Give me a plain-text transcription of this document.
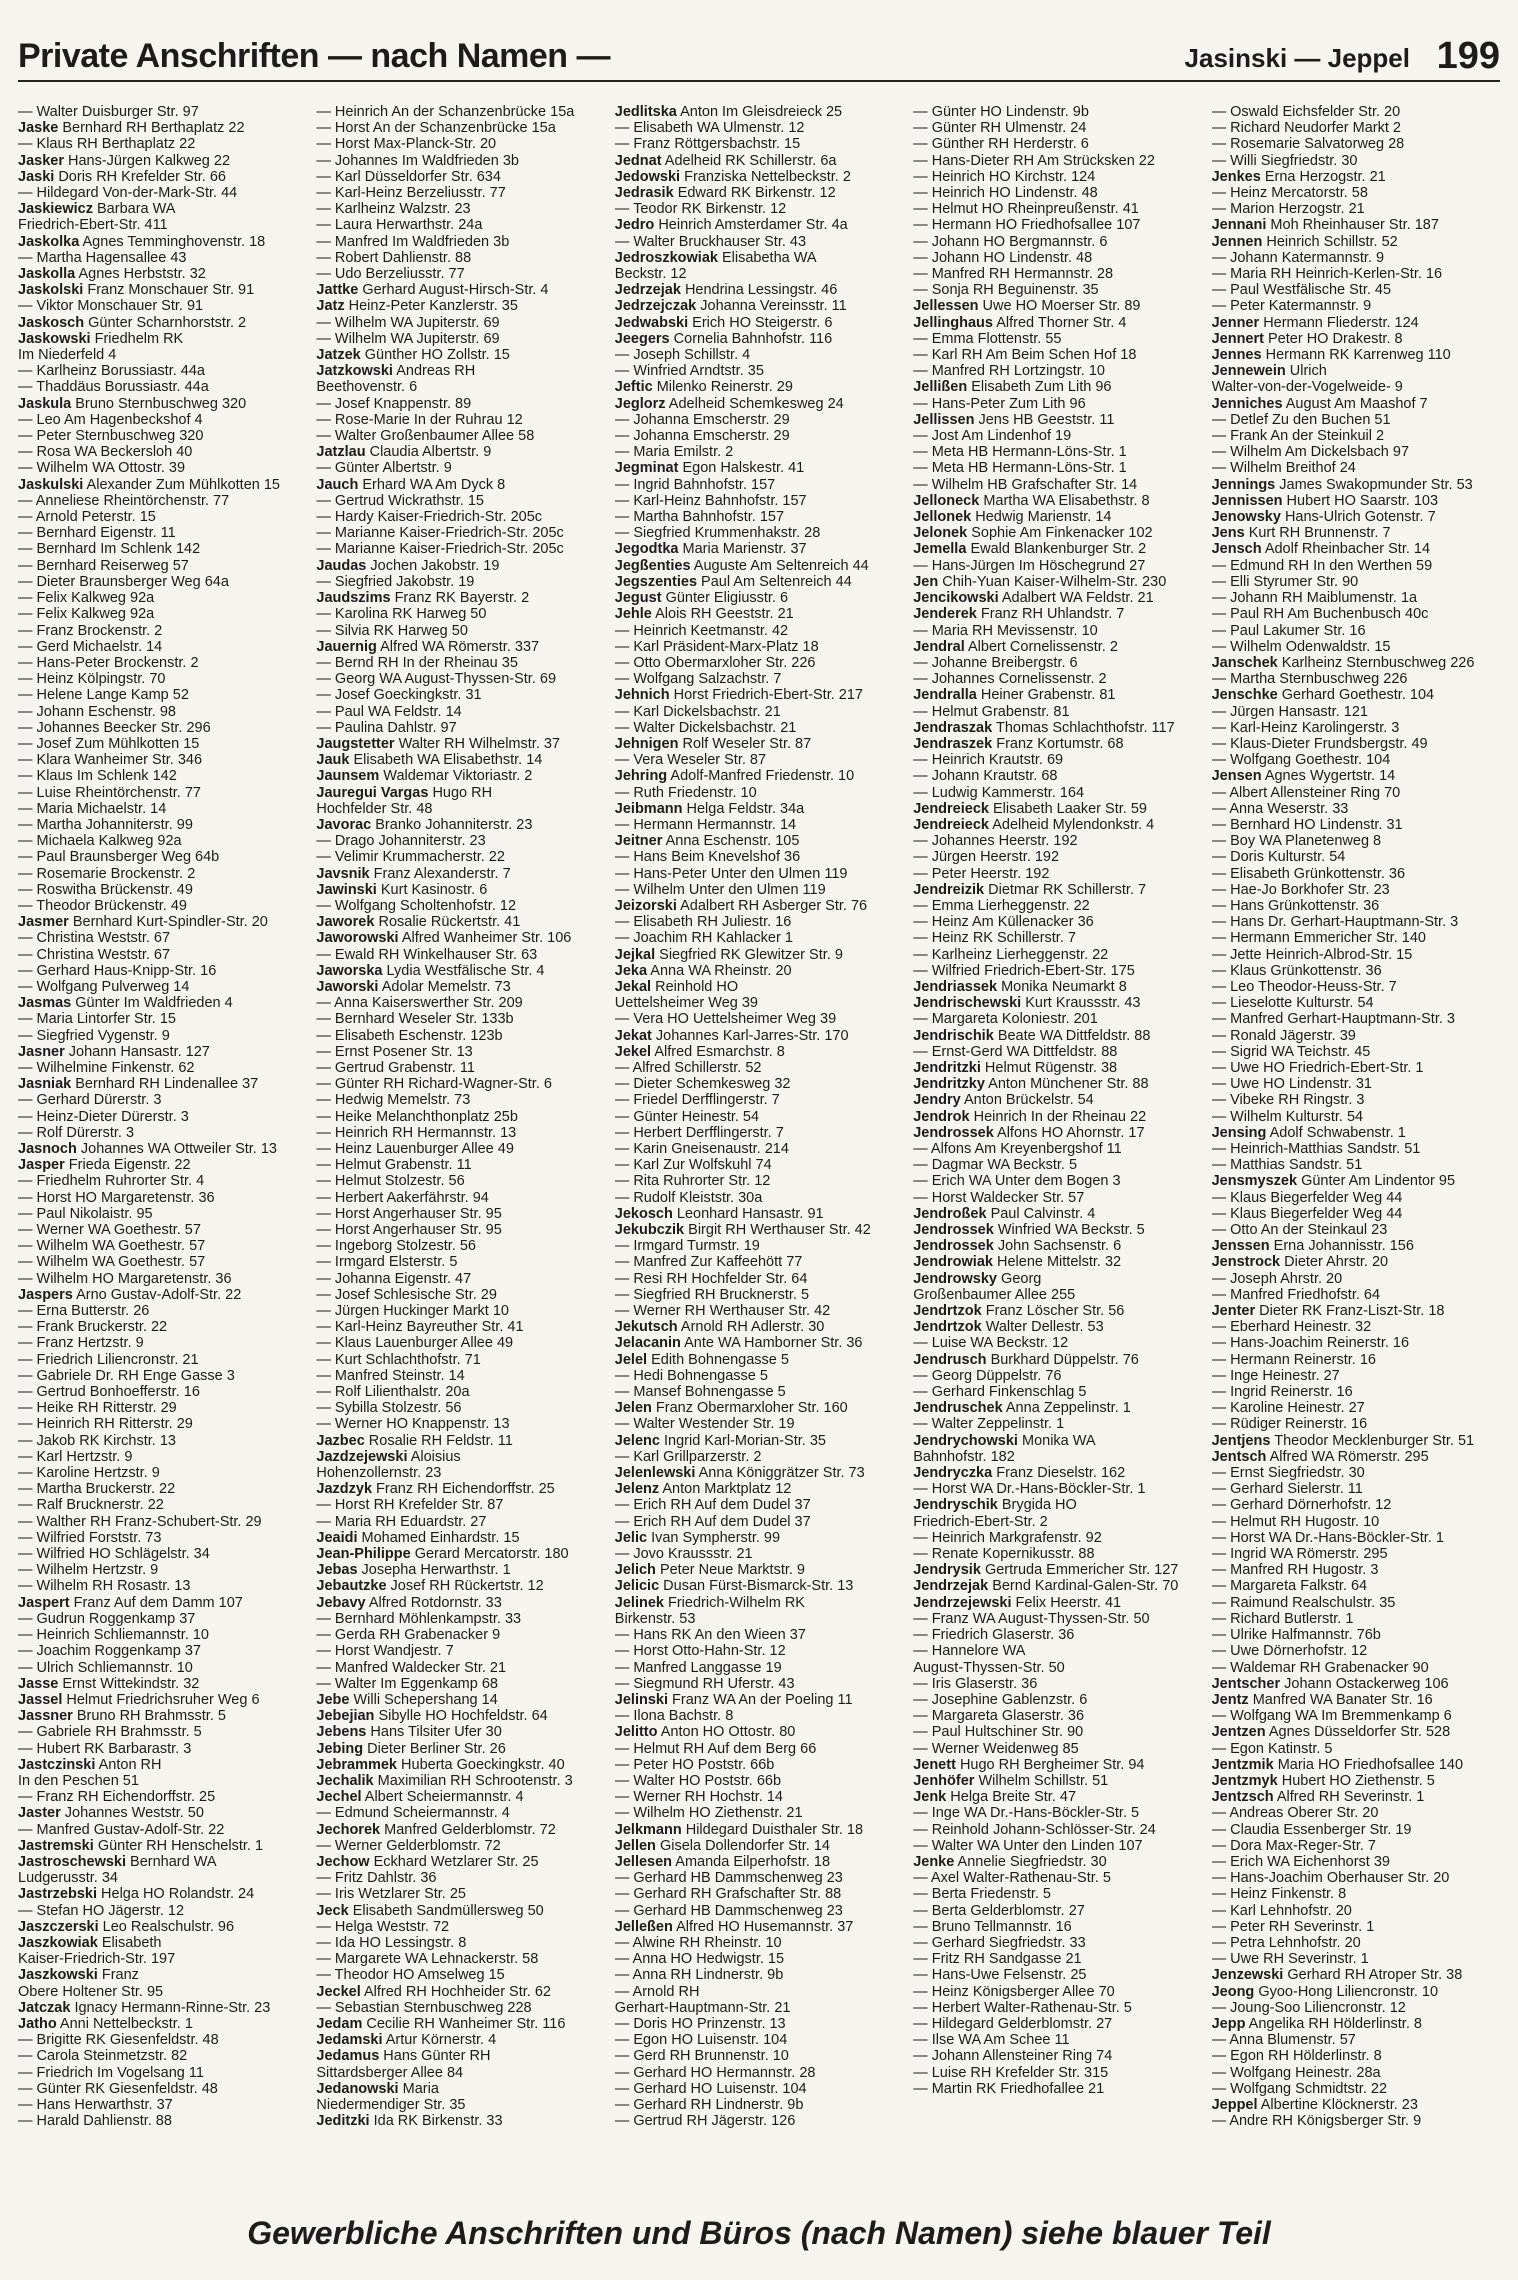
Private Anschriften — nach Namen —	Jasinski — Jeppel 199
— Walter Duisburger Str. 97
Jaske Bernhard RH Berthaplatz 22
— Klaus RH Berthaplatz 22
Jasker Hans-Jürgen Kalkweg 22
Jaski Doris RH Krefelder Str. 66
— Hildegard Von-der-Mark-Str. 44
Jaskiewicz Barbara WA
Friedrich-Ebert-Str. 411
Jaskolka Agnes Temminghovenstr. 18
— Martha Hagensallee 43
Jaskolla Agnes Herbststr. 32
Jaskolski Franz Monschauer Str. 91
— Viktor Monschauer Str. 91
Jaskosch Günter Scharnhorststr. 2
Jaskowski Friedhelm RK
Im Niederfeld 4
— Karlheinz Borussiastr. 44a
— Thaddäus Borussiastr. 44a
Jaskula Bruno Sternbuschweg 320
— Leo Am Hagenbeckshof 4
— Peter Sternbuschweg 320
— Rosa WA Beckersloh 40
— Wilhelm WA Ottostr. 39
Jaskulski Alexander Zum Mühlkotten 15
— Anneliese Rheintörchenstr. 77
— Arnold Peterstr. 15
— Bernhard Eigenstr. 11
— Bernhard Im Schlenk 142
— Bernhard Reiserweg 57
— Dieter Braunsberger Weg 64a
— Felix Kalkweg 92a
— Felix Kalkweg 92a
— Franz Brockenstr. 2
— Gerd Michaelstr. 14
— Hans-Peter Brockenstr. 2
— Heinz Kölpingstr. 70
— Helene Lange Kamp 52
— Johann Eschenstr. 98
— Johannes Beecker Str. 296
— Josef Zum Mühlkotten 15
— Klara Wanheimer Str. 346
— Klaus Im Schlenk 142
— Luise Rheintörchenstr. 77
— Maria Michaelstr. 14
— Martha Johanniterstr. 99
— Michaela Kalkweg 92a
— Paul Braunsberger Weg 64b
— Rosemarie Brockenstr. 2
— Roswitha Brückenstr. 49
— Theodor Brückenstr. 49
Jasmer Bernhard Kurt-Spindler-Str. 20
— Christina Weststr. 67
— Christina Weststr. 67
— Gerhard Haus-Knipp-Str. 16
— Wolfgang Pulverweg 14
Jasmas Günter Im Waldfrieden 4
— Maria Lintorfer Str. 15
— Siegfried Vygenstr. 9
Jasner Johann Hansastr. 127
— Wilhelmine Finkenstr. 62
Jasniak Bernhard RH Lindenallee 37
— Gerhard Dürerstr. 3
— Heinz-Dieter Dürerstr. 3
— Rolf Dürerstr. 3
Jasnoch Johannes WA Ottweiler Str. 13
Jasper Frieda Eigenstr. 22
— Friedhelm Ruhrorter Str. 4
— Horst HO Margaretenstr. 36
— Paul Nikolaistr. 95
— Werner WA Goethestr. 57
— Wilhelm WA Goethestr. 57
— Wilhelm WA Goethestr. 57
— Wilhelm HO Margaretenstr. 36
Jaspers Arno Gustav-Adolf-Str. 22
— Erna Butterstr. 26
— Frank Bruckerstr. 22
— Franz Hertzstr. 9
— Friedrich Liliencronstr. 21
— Gabriele Dr. RH Enge Gasse 3
— Gertrud Bonhoefferstr. 16
— Heike RH Ritterstr. 29
— Heinrich RH Ritterstr. 29
— Jakob RK Kirchstr. 13
— Karl Hertzstr. 9
— Karoline Hertzstr. 9
— Martha Bruckerstr. 22
— Ralf Brucknerstr. 22
— Walther RH Franz-Schubert-Str. 29
— Wilfried Forststr. 73
— Wilfried HO Schlägelstr. 34
— Wilhelm Hertzstr. 9
— Wilhelm RH Rosastr. 13
Jaspert Franz Auf dem Damm 107
— Gudrun Roggenkamp 37
— Heinrich Schliemannstr. 10
— Joachim Roggenkamp 37
— Ulrich Schliemannstr. 10
Jasse Ernst Wittekindstr. 32
Jassel Helmut Friedrichsruher Weg 6
Jassner Bruno RH Brahmsstr. 5
— Gabriele RH Brahmsstr. 5
— Hubert RK Barbarastr. 3
Jastczinski Anton RH
In den Peschen 51
— Franz RH Eichendorffstr. 25
Jaster Johannes Weststr. 50
— Manfred Gustav-Adolf-Str. 22
Jastremski Günter RH Henschelstr. 1
Jastroschewski Bernhard WA
Ludgerusstr. 34
Jastrzebski Helga HO Rolandstr. 24
— Stefan HO Jägerstr. 12
Jaszczerski Leo Realschulstr. 96
Jaszkowiak Elisabeth
Kaiser-Friedrich-Str. 197
Jaszkowski Franz
Obere Holtener Str. 95
Jatczak Ignacy Hermann-Rinne-Str. 23
Jatho Anni Nettelbeckstr. 1
— Brigitte RK Giesenfeldstr. 48
— Carola Steinmetzstr. 82
— Friedrich Im Vogelsang 11
— Günter RK Giesenfeldstr. 48
— Hans Herwarthstr. 37
— Harald Dahlienstr. 88
— Heinrich An der Schanzenbrücke 15a
— Horst An der Schanzenbrücke 15a
— Horst Max-Planck-Str. 20
— Johannes Im Waldfrieden 3b
— Karl Düsseldorfer Str. 634
— Karl-Heinz Berzeliusstr. 77
— Karlheinz Walzstr. 23
— Laura Herwarthstr. 24a
— Manfred Im Waldfrieden 3b
— Robert Dahlienstr. 88
— Udo Berzeliusstr. 77
Jattke Gerhard August-Hirsch-Str. 4
Jatz Heinz-Peter Kanzlerstr. 35
— Wilhelm WA Jupiterstr. 69
— Wilhelm WA Jupiterstr. 69
Jatzek Günther HO Zollstr. 15
Jatzkowski Andreas RH
Beethovenstr. 6
— Josef Knappenstr. 89
— Rose-Marie In der Ruhrau 12
— Walter Großenbaumer Allee 58
Jatzlau Claudia Albertstr. 9
— Günter Albertstr. 9
Jauch Erhard WA Am Dyck 8
— Gertrud Wickrathstr. 15
— Hardy Kaiser-Friedrich-Str. 205c
— Marianne Kaiser-Friedrich-Str. 205c
— Marianne Kaiser-Friedrich-Str. 205c
Jaudas Jochen Jakobstr. 19
— Siegfried Jakobstr. 19
Jaudszims Franz RK Bayerstr. 2
— Karolina RK Harweg 50
— Silvia RK Harweg 50
Jauernig Alfred WA Römerstr. 337
— Bernd RH In der Rheinau 35
— Georg WA August-Thyssen-Str. 69
— Josef Goeckingkstr. 31
— Paul WA Feldstr. 14
— Paulina Dahlstr. 97
Jaugstetter Walter RH Wilhelmstr. 37
Jauk Elisabeth WA Elisabethstr. 14
Jaunsem Waldemar Viktoriastr. 2
Jauregui Vargas Hugo RH
Hochfelder Str. 48
Javorac Branko Johanniterstr. 23
— Drago Johanniterstr. 23
— Velimir Krummacherstr. 22
Javsnik Franz Alexanderstr. 7
Jawinski Kurt Kasinostr. 6
— Wolfgang Scholtenhofstr. 12
Jaworek Rosalie Rückertstr. 41
Jaworowski Alfred Wanheimer Str. 106
— Ewald RH Winkelhauser Str. 63
Jaworska Lydia Westfälische Str. 4
Jaworski Adolar Memelstr. 73
— Anna Kaiserswerther Str. 209
— Bernhard Weseler Str. 133b
— Elisabeth Eschenstr. 123b
— Ernst Posener Str. 13
— Gertrud Grabenstr. 11
— Günter RH Richard-Wagner-Str. 6
— Hedwig Memelstr. 73
— Heike Melanchthonplatz 25b
— Heinrich RH Hermannstr. 13
— Heinz Lauenburger Allee 49
— Helmut Grabenstr. 11
— Helmut Stolzestr. 56
— Herbert Aakerfährstr. 94
— Horst Angerhauser Str. 95
— Horst Angerhauser Str. 95
— Ingeborg Stolzestr. 56
— Irmgard Elsterstr. 5
— Johanna Eigenstr. 47
— Josef Schlesische Str. 29
— Jürgen Huckinger Markt 10
— Karl-Heinz Bayreuther Str. 41
— Klaus Lauenburger Allee 49
— Kurt Schlachthofstr. 71
— Manfred Steinstr. 14
— Rolf Lilienthalstr. 20a
— Sybilla Stolzestr. 56
— Werner HO Knappenstr. 13
Jazbec Rosalie RH Feldstr. 11
Jazdzejewski Aloisius
Hohenzollernstr. 23
Jazdzyk Franz RH Eichendorffstr. 25
— Horst RH Krefelder Str. 87
— Maria RH Eduardstr. 27
Jeaidi Mohamed Einhardstr. 15
Jean-Philippe Gerard Mercatorstr. 180
Jebas Josepha Herwarthstr. 1
Jebautzke Josef RH Rückertstr. 12
Jebavy Alfred Rotdornstr. 33
— Bernhard Möhlenkampstr. 33
— Gerda RH Grabenacker 9
— Horst Wandjestr. 7
— Manfred Waldecker Str. 21
— Walter Im Eggenkamp 68
Jebe Willi Schepershang 14
Jebejian Sibylle HO Hochfeldstr. 64
Jebens Hans Tilsiter Ufer 30
Jebing Dieter Berliner Str. 26
Jebrammek Huberta Goeckingkstr. 40
Jechalik Maximilian RH Schrootenstr. 3
Jechel Albert Scheiermannstr. 4
— Edmund Scheiermannstr. 4
Jechorek Manfred Gelderblomstr. 72
— Werner Gelderblomstr. 72
Jechow Eckhard Wetzlarer Str. 25
— Fritz Dahlstr. 36
— Iris Wetzlarer Str. 25
Jeck Elisabeth Sandmüllersweg 50
— Helga Weststr. 72
— Ida HO Lessingstr. 8
— Margarete WA Lehnackerstr. 58
— Theodor HO Amselweg 15
Jeckel Alfred RH Hochheider Str. 62
— Sebastian Sternbuschweg 228
Jedam Cecilie RH Wanheimer Str. 116
Jedamski Artur Körnerstr. 4
Jedamus Hans Günter RH
Sittardsberger Allee 84
Jedanowski Maria
Niedermendiger Str. 35
Jeditzki Ida RK Birkenstr. 33
Jedlitska Anton Im Gleisdreieck 25
— Elisabeth WA Ulmenstr. 12
— Franz Röttgersbachstr. 15
Jednat Adelheid RK Schillerstr. 6a
Jedowski Franziska Nettelbeckstr. 2
Jedrasik Edward RK Birkenstr. 12
— Teodor RK Birkenstr. 12
Jedro Heinrich Amsterdamer Str. 4a
— Walter Bruckhauser Str. 43
Jedroszkowiak Elisabetha WA
Beckstr. 12
Jedrzejak Hendrina Lessingstr. 46
Jedrzejczak Johanna Vereinsstr. 11
Jedwabski Erich HO Steigerstr. 6
Jeegers Cornelia Bahnhofstr. 116
— Joseph Schillstr. 4
— Winfried Arndtstr. 35
Jeftic Milenko Reinerstr. 29
Jeglorz Adelheid Schemkesweg 24
— Johanna Emscherstr. 29
— Johanna Emscherstr. 29
— Maria Emilstr. 2
Jegminat Egon Halskestr. 41
— Ingrid Bahnhofstr. 157
— Karl-Heinz Bahnhofstr. 157
— Martha Bahnhofstr. 157
— Siegfried Krummenhakstr. 28
Jegodtka Maria Marienstr. 37
Jegßenties Auguste Am Seltenreich 44
Jegszenties Paul Am Seltenreich 44
Jegust Günter Eligiusstr. 6
Jehle Alois RH Geeststr. 21
— Heinrich Keetmanstr. 42
— Karl Präsident-Marx-Platz 18
— Otto Obermarxloher Str. 226
— Wolfgang Salzachstr. 7
Jehnich Horst Friedrich-Ebert-Str. 217
— Karl Dickelsbachstr. 21
— Walter Dickelsbachstr. 21
Jehnigen Rolf Weseler Str. 87
— Vera Weseler Str. 87
Jehring Adolf-Manfred Friedenstr. 10
— Ruth Friedenstr. 10
Jeibmann Helga Feldstr. 34a
— Hermann Hermannstr. 14
Jeitner Anna Eschenstr. 105
— Hans Beim Knevelshof 36
— Hans-Peter Unter den Ulmen 119
— Wilhelm Unter den Ulmen 119
Jeizorski Adalbert RH Asberger Str. 76
— Elisabeth RH Juliestr. 16
— Joachim RH Kahlacker 1
Jejkal Siegfried RK Glewitzer Str. 9
Jeka Anna WA Rheinstr. 20
Jekal Reinhold HO
Uettelsheimer Weg 39
— Vera HO Uettelsheimer Weg 39
Jekat Johannes Karl-Jarres-Str. 170
Jekel Alfred Esmarchstr. 8
— Alfred Schillerstr. 52
— Dieter Schemkesweg 32
— Friedel Derfflingerstr. 7
— Günter Heinestr. 54
— Herbert Derfflingerstr. 7
— Karin Gneisenaustr. 214
— Karl Zur Wolfskuhl 74
— Rita Ruhrorter Str. 12
— Rudolf Kleiststr. 30a
Jekosch Leonhard Hansastr. 91
Jekubczik Birgit RH Werthauser Str. 42
— Irmgard Turmstr. 19
— Manfred Zur Kaffeehött 77
— Resi RH Hochfelder Str. 64
— Siegfried RH Brucknerstr. 5
— Werner RH Werthauser Str. 42
Jekutsch Arnold RH Adlerstr. 30
Jelacanin Ante WA Hamborner Str. 36
Jelel Edith Bohnengasse 5
— Hedi Bohnengasse 5
— Mansef Bohnengasse 5
Jelen Franz Obermarxloher Str. 160
— Walter Westender Str. 19
Jelenc Ingrid Karl-Morian-Str. 35
— Karl Grillparzerstr. 2
Jelenlewski Anna Königgrätzer Str. 73
Jelenz Anton Marktplatz 12
— Erich RH Auf dem Dudel 37
— Erich RH Auf dem Dudel 37
Jelic Ivan Sympherstr. 99
— Jovo Kraussstr. 21
Jelich Peter Neue Marktstr. 9
Jelicic Dusan Fürst-Bismarck-Str. 13
Jelinek Friedrich-Wilhelm RK
Birkenstr. 53
— Hans RK An den Wieen 37
— Horst Otto-Hahn-Str. 12
— Manfred Langgasse 19
— Siegmund RH Uferstr. 43
Jelinski Franz WA An der Poeling 11
— Ilona Bachstr. 8
Jelitto Anton HO Ottostr. 80
— Helmut RH Auf dem Berg 66
— Peter HO Poststr. 66b
— Walter HO Poststr. 66b
— Werner RH Hochstr. 14
— Wilhelm HO Ziethenstr. 21
Jelkmann Hildegard Duisthaler Str. 18
Jellen Gisela Dollendorfer Str. 14
Jellesen Amanda Eilperhofstr. 18
— Gerhard HB Dammschenweg 23
— Gerhard RH Grafschafter Str. 88
— Gerhard HB Dammschenweg 23
Jelleßen Alfred HO Husemannstr. 37
— Alwine RH Rheinstr. 10
— Anna HO Hedwigstr. 15
— Anna RH Lindnerstr. 9b
— Arnold RH
Gerhart-Hauptmann-Str. 21
— Doris HO Prinzenstr. 13
— Egon HO Luisenstr. 104
— Gerd RH Brunnenstr. 10
— Gerhard HO Hermannstr. 28
— Gerhard HO Luisenstr. 104
— Gerhard RH Lindnerstr. 9b
— Gertrud RH Jägerstr. 126
— Günter HO Lindenstr. 9b
— Günter RH Ulmenstr. 24
— Günther RH Herderstr. 6
— Hans-Dieter RH Am Strücksken 22
— Heinrich HO Kirchstr. 124
— Heinrich HO Lindenstr. 48
— Helmut HO Rheinpreußenstr. 41
— Hermann HO Friedhofsallee 107
— Johann HO Bergmannstr. 6
— Johann HO Lindenstr. 48
— Manfred RH Hermannstr. 28
— Sonja RH Beguinenstr. 35
Jellessen Uwe HO Moerser Str. 89
Jellinghaus Alfred Thorner Str. 4
— Emma Flottenstr. 55
— Karl RH Am Beim Schen Hof 18
— Manfred RH Lortzingstr. 10
Jellißen Elisabeth Zum Lith 96
— Hans-Peter Zum Lith 96
Jellissen Jens HB Geeststr. 11
— Jost Am Lindenhof 19
— Meta HB Hermann-Löns-Str. 1
— Meta HB Hermann-Löns-Str. 1
— Wilhelm HB Grafschafter Str. 14
Jelloneck Martha WA Elisabethstr. 8
Jellonek Hedwig Marienstr. 14
Jelonek Sophie Am Finkenacker 102
Jemella Ewald Blankenburger Str. 2
— Hans-Jürgen Im Höschegrund 27
Jen Chih-Yuan Kaiser-Wilhelm-Str. 230
Jencikowski Adalbert WA Feldstr. 21
Jenderek Franz RH Uhlandstr. 7
— Maria RH Mevissenstr. 10
Jendral Albert Cornelissenstr. 2
— Johanne Breibergstr. 6
— Johannes Cornelissenstr. 2
Jendralla Heiner Grabenstr. 81
— Helmut Grabenstr. 81
Jendraszak Thomas Schlachthofstr. 117
Jendraszek Franz Kortumstr. 68
— Heinrich Krautstr. 69
— Johann Krautstr. 68
— Ludwig Kammerstr. 164
Jendreieck Elisabeth Laaker Str. 59
Jendreieck Adelheid Mylendonkstr. 4
— Johannes Heerstr. 192
— Jürgen Heerstr. 192
— Peter Heerstr. 192
Jendreizik Dietmar RK Schillerstr. 7
— Emma Lierheggenstr. 22
— Heinz Am Küllenacker 36
— Heinz RK Schillerstr. 7
— Karlheinz Lierheggenstr. 22
— Wilfried Friedrich-Ebert-Str. 175
Jendriassek Monika Neumarkt 8
Jendrischewski Kurt Kraussstr. 43
— Margareta Koloniestr. 201
Jendrischik Beate WA Dittfeldstr. 88
— Ernst-Gerd WA Dittfeldstr. 88
Jendritzki Helmut Rügenstr. 38
Jendritzky Anton Münchener Str. 88
Jendry Anton Brückelstr. 54
Jendrok Heinrich In der Rheinau 22
Jendrossek Alfons HO Ahornstr. 17
— Alfons Am Kreyenbergshof 11
— Dagmar WA Beckstr. 5
— Erich WA Unter dem Bogen 3
— Horst Waldecker Str. 57
Jendroßek Paul Calvinstr. 4
Jendrossek Winfried WA Beckstr. 5
Jendrossek John Sachsenstr. 6
Jendrowiak Helene Mittelstr. 32
Jendrowsky Georg
Großenbaumer Allee 255
Jendrtzok Franz Löscher Str. 56
Jendrtzok Walter Dellestr. 53
— Luise WA Beckstr. 12
Jendrusch Burkhard Düppelstr. 76
— Georg Düppelstr. 76
— Gerhard Finkenschlag 5
Jendruschek Anna Zeppelinstr. 1
— Walter Zeppelinstr. 1
Jendrychowski Monika WA
Bahnhofstr. 182
Jendryczka Franz Dieselstr. 162
— Horst WA Dr.-Hans-Böckler-Str. 1
Jendryschik Brygida HO
Friedrich-Ebert-Str. 2
— Heinrich Markgrafenstr. 92
— Renate Kopernikusstr. 88
Jendrysik Gertruda Emmericher Str. 127
Jendrzejak Bernd Kardinal-Galen-Str. 70
Jendrzejewski Felix Heerstr. 41
— Franz WA August-Thyssen-Str. 50
— Friedrich Glaserstr. 36
— Hannelore WA
August-Thyssen-Str. 50
— Iris Glaserstr. 36
— Josephine Gablenzstr. 6
— Margareta Glaserstr. 36
— Paul Hultschiner Str. 90
— Werner Weidenweg 85
Jenett Hugo RH Bergheimer Str. 94
Jenhöfer Wilhelm Schillstr. 51
Jenk Helga Breite Str. 47
— Inge WA Dr.-Hans-Böckler-Str. 5
— Reinhold Johann-Schlösser-Str. 24
— Walter WA Unter den Linden 107
Jenke Annelie Siegfriedstr. 30
— Axel Walter-Rathenau-Str. 5
— Berta Friedenstr. 5
— Berta Gelderblomstr. 27
— Bruno Tellmannstr. 16
— Gerhard Siegfriedstr. 33
— Fritz RH Sandgasse 21
— Hans-Uwe Felsenstr. 25
— Heinz Königsberger Allee 70
— Herbert Walter-Rathenau-Str. 5
— Hildegard Gelderblomstr. 27
— Ilse WA Am Schee 11
— Johann Allensteiner Ring 74
— Luise RH Krefelder Str. 315
— Martin RK Friedhofallee 21
— Oswald Eichsfelder Str. 20
— Richard Neudorfer Markt 2
— Rosemarie Salvatorweg 28
— Willi Siegfriedstr. 30
Jenkes Erna Herzogstr. 21
— Heinz Mercatorstr. 58
— Marion Herzogstr. 21
Jennani Moh Rheinhauser Str. 187
Jennen Heinrich Schillstr. 52
— Johann Katermannstr. 9
— Maria RH Heinrich-Kerlen-Str. 16
— Paul Westfälische Str. 45
— Peter Katermannstr. 9
Jenner Hermann Fliederstr. 124
Jennert Peter HO Drakestr. 8
Jennes Hermann RK Karrenweg 110
Jennewein Ulrich
Walter-von-der-Vogelweide- 9
Jenniches August Am Maashof 7
— Detlef Zu den Buchen 51
— Frank An der Steinkuil 2
— Wilhelm Am Dickelsbach 97
— Wilhelm Breithof 24
Jennings James Swakopmunder Str. 53
Jennissen Hubert HO Saarstr. 103
Jenowsky Hans-Ulrich Gotenstr. 7
Jens Kurt RH Brunnenstr. 7
Jensch Adolf Rheinbacher Str. 14
— Edmund RH In den Werthen 59
— Elli Styrumer Str. 90
— Johann RH Maiblumenstr. 1a
— Paul RH Am Buchenbusch 40c
— Paul Lakumer Str. 16
— Wilhelm Odenwaldstr. 15
Janschek Karlheinz Sternbuschweg 226
— Martha Sternbuschweg 226
Jenschke Gerhard Goethestr. 104
— Jürgen Hansastr. 121
— Karl-Heinz Karolingerstr. 3
— Klaus-Dieter Frundsbergstr. 49
— Wolfgang Goethestr. 104
Jensen Agnes Wygertstr. 14
— Albert Allensteiner Ring 70
— Anna Weserstr. 33
— Bernhard HO Lindenstr. 31
— Boy WA Planetenweg 8
— Doris Kulturstr. 54
— Elisabeth Grünkottenstr. 36
— Hae-Jo Borkhofer Str. 23
— Hans Grünkottenstr. 36
— Hans Dr. Gerhart-Hauptmann-Str. 3
— Hermann Emmericher Str. 140
— Jette Heinrich-Albrod-Str. 15
— Klaus Grünkottenstr. 36
— Leo Theodor-Heuss-Str. 7
— Lieselotte Kulturstr. 54
— Manfred Gerhart-Hauptmann-Str. 3
— Ronald Jägerstr. 39
— Sigrid WA Teichstr. 45
— Uwe HO Friedrich-Ebert-Str. 1
— Uwe HO Lindenstr. 31
— Vibeke RH Ringstr. 3
— Wilhelm Kulturstr. 54
Jensing Adolf Schwabenstr. 1
— Heinrich-Matthias Sandstr. 51
— Matthias Sandstr. 51
Jensmyszek Günter Am Lindentor 95
— Klaus Biegerfelder Weg 44
— Klaus Biegerfelder Weg 44
— Otto An der Steinkaul 23
Jenssen Erna Johannisstr. 156
Jenstrock Dieter Ahrstr. 20
— Joseph Ahrstr. 20
— Manfred Friedhofstr. 64
Jenter Dieter RK Franz-Liszt-Str. 18
— Eberhard Heinestr. 32
— Hans-Joachim Reinerstr. 16
— Hermann Reinerstr. 16
— Inge Heinestr. 27
— Ingrid Reinerstr. 16
— Karoline Heinestr. 27
— Rüdiger Reinerstr. 16
Jentjens Theodor Mecklenburger Str. 51
Jentsch Alfred WA Römerstr. 295
— Ernst Siegfriedstr. 30
— Gerhard Sielerstr. 11
— Gerhard Dörnerhofstr. 12
— Helmut RH Hugostr. 10
— Horst WA Dr.-Hans-Böckler-Str. 1
— Ingrid WA Römerstr. 295
— Manfred RH Hugostr. 3
— Margareta Falkstr. 64
— Raimund Realschulstr. 35
— Richard Butlerstr. 1
— Ulrike Halfmannstr. 76b
— Uwe Dörnerhofstr. 12
— Waldemar RH Grabenacker 90
Jentscher Johann Ostackerweg 106
Jentz Manfred WA Banater Str. 16
— Wolfgang WA Im Bremmenkamp 6
Jentzen Agnes Düsseldorfer Str. 528
— Egon Katinstr. 5
Jentzmik Maria HO Friedhofsallee 140
Jentzmyk Hubert HO Ziethenstr. 5
Jentzsch Alfred RH Severinstr. 1
— Andreas Oberer Str. 20
— Claudia Essenberger Str. 19
— Dora Max-Reger-Str. 7
— Erich WA Eichenhorst 39
— Hans-Joachim Oberhauser Str. 20
— Heinz Finkenstr. 8
— Karl Lehnhofstr. 20
— Peter RH Severinstr. 1
— Petra Lehnhofstr. 20
— Uwe RH Severinstr. 1
Jenzewski Gerhard RH Atroper Str. 38
Jeong Gyoo-Hong Liliencronstr. 10
— Joung-Soo Liliencronstr. 12
Jepp Angelika RH Hölderlinstr. 8
— Anna Blumenstr. 57
— Egon RH Hölderlinstr. 8
— Wolfgang Heinestr. 28a
— Wolfgang Schmidtstr. 22
Jeppel Albertine Klöcknerstr. 23
— Andre RH Königsberger Str. 9
Gewerbliche Anschriften und Büros (nach Namen) siehe blauer Teil
